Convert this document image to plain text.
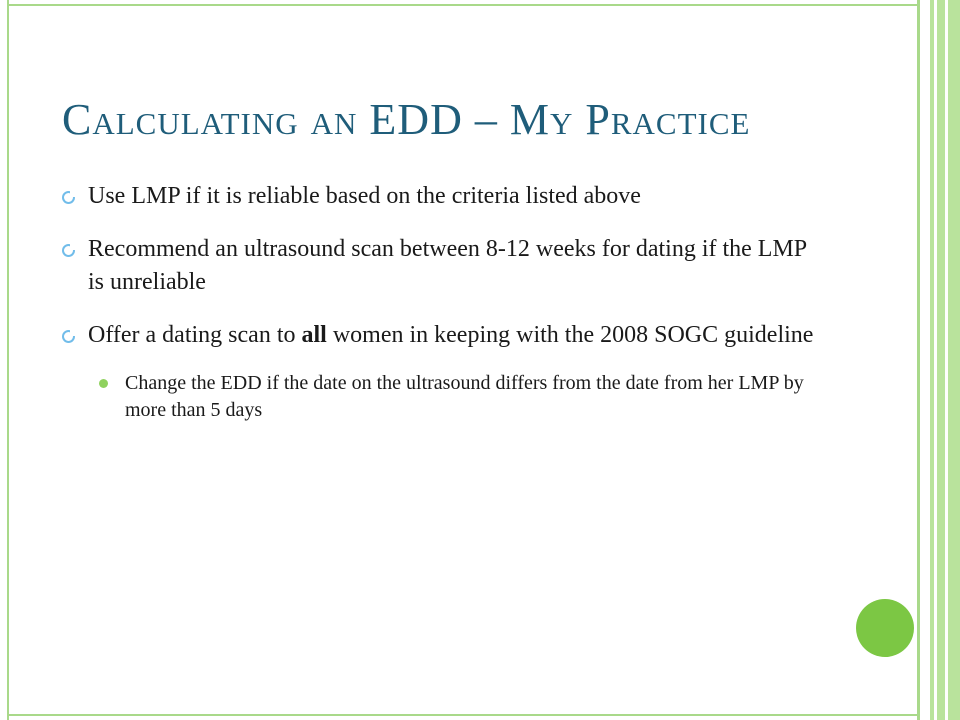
Calculating an EDD – My Practice
Use LMP if it is reliable based on the criteria listed above
Recommend an ultrasound scan between 8-12 weeks for dating if the LMP is unreliable
Offer a dating scan to all women in keeping with the 2008 SOGC guideline
Change the EDD if the date on the ultrasound differs from the date from her LMP by more than 5 days
